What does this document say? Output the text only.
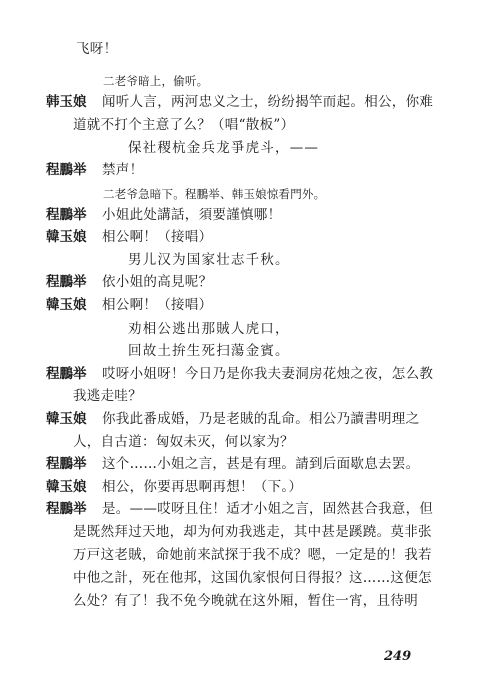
飞呀！
二老爷暗上，偷听。
韩玉娘 闻听人言，两河忠义之士，纷纷揭竿而起。相公，你难
道就不打个主意了么？（唱“散板”）
保社稷杭金兵龙爭虎斗，——
程鵬举 禁声！
二老爷急暗下。程鵬举、韩玉娘惊看門外。
程鵬举 小姐此处講話，須要謹慎哪！
韓玉娘 相公啊！（接唱）
男儿汉为国家壮志千秋。
程鵬举 依小姐的高見呢？
韓玉娘 相公啊！（接唱）
劝相公逃出那賊人虎口，
回故土拚生死扫蕩金賓。
程鵬举 哎呀小姐呀！今日乃是你我夫妻洞房花烛之夜，怎么教
我逃走哇？
韓玉娘 你我此番成婚，乃是老賊的乱命。相公乃讀書明理之
人，自古道：匈奴未灭，何以家为？
程鵬举 这个……小姐之言，甚是有理。請到后面歇息去罢。
韓玉娘 相公，你要再思啊再想！（下。）
程鵬举 是。——哎呀且住！适才小姐之言，固然甚合我意，但
是既然拜过天地，却为何劝我逃走，其中甚是蹊蹺。莫非张
万戸这老賊，命她前来試探于我不成？嗯，一定是的！我若
中他之計，死在他邦，这国仇家恨何日得报？这……这便怎
么处？有了！我不免今晚就在这外厢，暂住一宵，且待明
249
